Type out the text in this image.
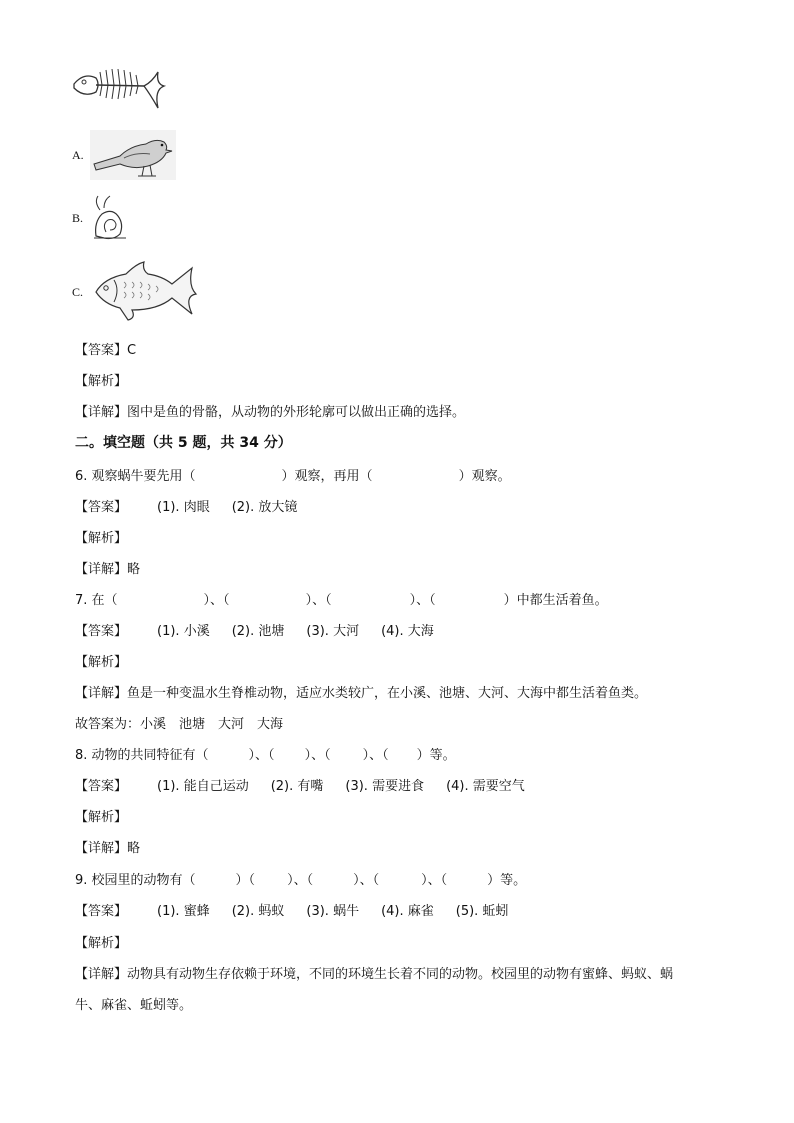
A.
B.
C.
【答案】C
【解析】
【详解】图中是鱼的骨骼，从动物的外形轮廓可以做出正确的选择。
二。填空题（共 5 题，共 34 分）
6. 观察蜗牛要先用（	）观察，再用（	）观察。
【答案】 (1). 肉眼 (2). 放大镜
【解析】
【详解】略
7. 在（	）、（	）、（	）、（	）中都生活着鱼。
【答案】 (1). 小溪 (2). 池塘 (3). 大河 (4). 大海
【解析】
【详解】鱼是一种变温水生脊椎动物，适应水类较广，在小溪、池塘、大河、大海中都生活着鱼类。
故答案为：小溪　池塘　大河　大海
8. 动物的共同特征有（	）、（ ）、（ ）、（ ）等。
【答案】 (1). 能自己运动 (2). 有嘴 (3). 需要进食 (4). 需要空气
【解析】
【详解】略
9. 校园里的动物有（	）（ ）、（	）、（	）、（	）等。
【答案】 (1). 蜜蜂 (2). 蚂蚁 (3). 蜗牛 (4). 麻雀 (5). 蚯蚓
【解析】
【详解】动物具有动物生存依赖于环境，不同的环境生长着不同的动物。校园里的动物有蜜蜂、蚂蚁、蜗
牛、麻雀、蚯蚓等。
